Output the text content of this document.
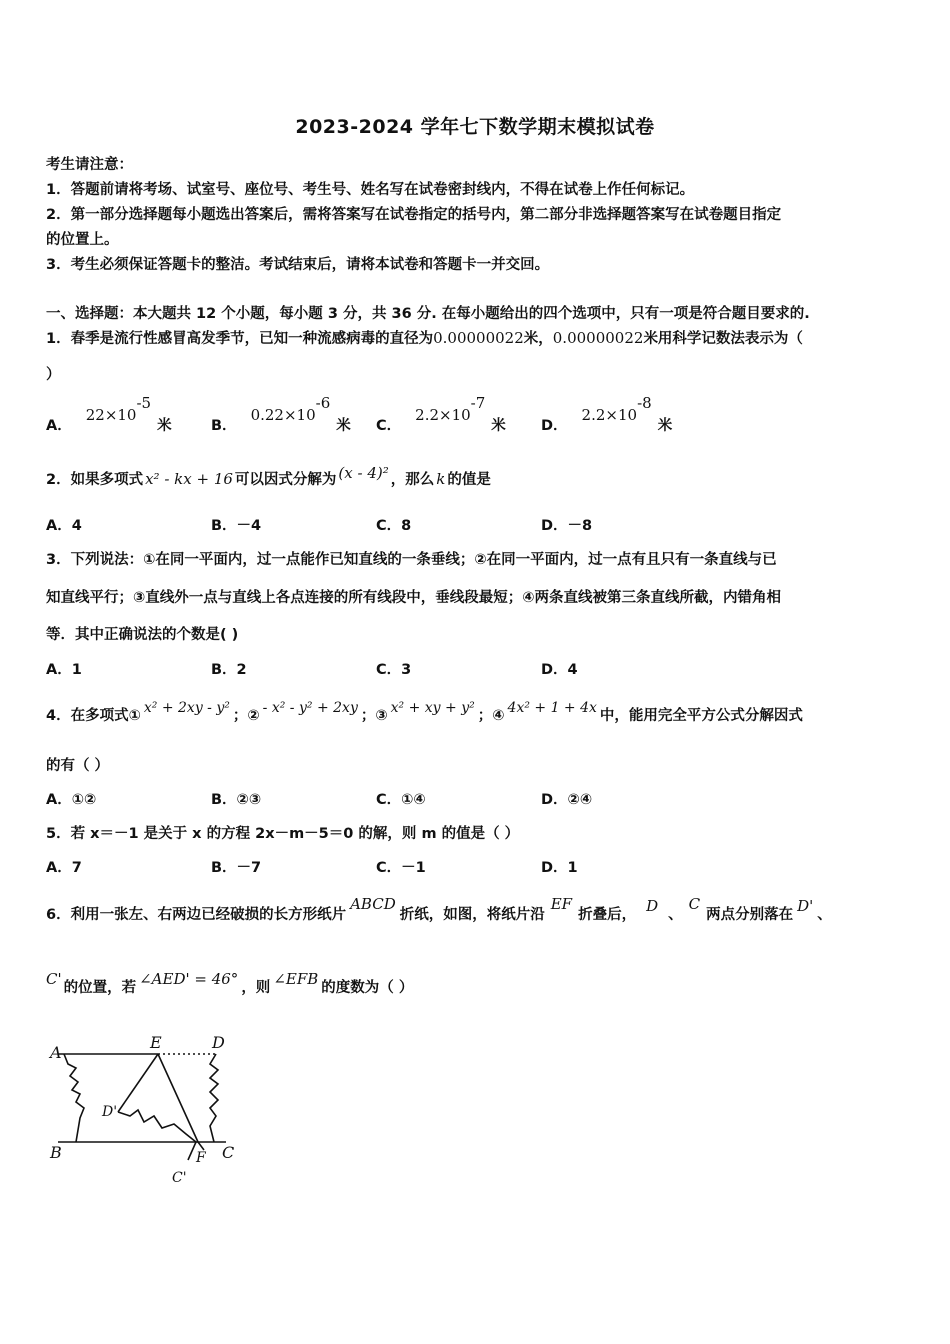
2023-2024 学年七下数学期末模拟试卷
考生请注意：
1．答题前请将考场、试室号、座位号、考生号、姓名写在试卷密封线内，不得在试卷上作任何标记。
2．第一部分选择题每小题选出答案后，需将答案写在试卷指定的括号内，第二部分非选择题答案写在试卷题目指定
的位置上。
3．考生必须保证答题卡的整洁。考试结束后，请将本试卷和答题卡一并交回。
一、选择题：本大题共 12 个小题，每小题 3 分，共 36 分. 在每小题给出的四个选项中，只有一项是符合题目要求的.
1．春季是流行性感冒高发季节，已知一种流感病毒的直径为0.00000022米，0.00000022米用科学记数法表示为（
）
A．$22\times 10^{-5}$米	B．$0.22\times 10^{-6}$米 C．$2.2\times 10^{-7}$米 D．$2.2\times 10^{-8}$米
2．如果多项式 x² - kx + 16 可以因式分解为 (x - 4)² ，那么 k 的值是
A．4	B．－4	C．8	D．－8
3．下列说法：①在同一平面内，过一点能作已知直线的一条垂线；②在同一平面内，过一点有且只有一条直线与已
知直线平行；③直线外一点与直线上各点连接的所有线段中，垂线段最短；④两条直线被第三条直线所截，内错角相
等．其中正确说法的个数是( )
A．1	B．2	C．3	D．4
4．在多项式① x² + 2xy - y² ；② - x² - y² + 2xy ；③ x² + xy + y² ；④ 4x² + 1 + 4x 中，能用完全平方公式分解因式
的有（ ）
A．①②	B．②③	C．①④	D．②④
5．若 x＝－1 是关于 x 的方程 2x－m－5＝0 的解，则 m 的值是（ ）
A．7	B．－7	C．－1	D．1
6．利用一张左、右两边已经破损的长方形纸片ABCD折纸，如图，将纸片沿EF折叠后， D 、C两点分别落在 D' 、
C' 的位置，若 ∠AED' = 46° ，则 ∠EFB 的度数为（ ）
A
E	D
D'
B	F C
C'
